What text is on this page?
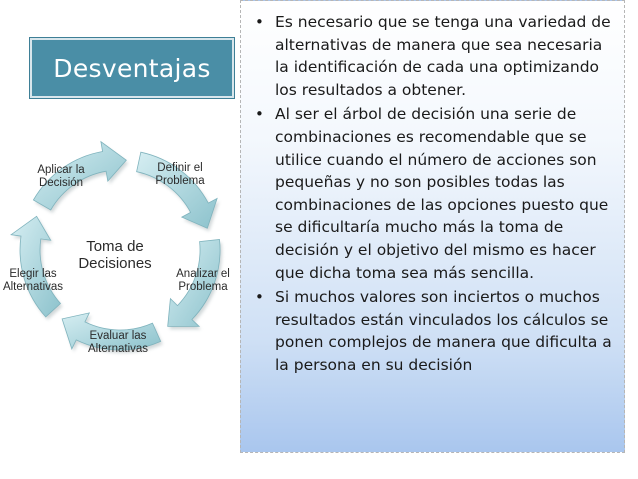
Desventajas
Toma de
Decisiones
Definir el
Problema
Analizar el
Problema
Evaluar las
Alternativas
Elegir las
Alternativas
Aplicar la
Decisión
• Es necesario que se tenga una variedad de alternativas de manera que sea necesaria la identificación de cada una optimizando los resultados a obtener.
• Al ser el árbol de decisión una serie de combinaciones es recomendable que se utilice cuando el número de acciones son pequeñas y no son posibles todas las combinaciones de las opciones puesto que se dificultaría mucho más la toma de decisión y el objetivo del mismo es hacer que dicha toma sea más sencilla.
• Si muchos valores son inciertos o muchos resultados están vinculados los cálculos se ponen complejos de manera que dificulta a la persona en su decisión
